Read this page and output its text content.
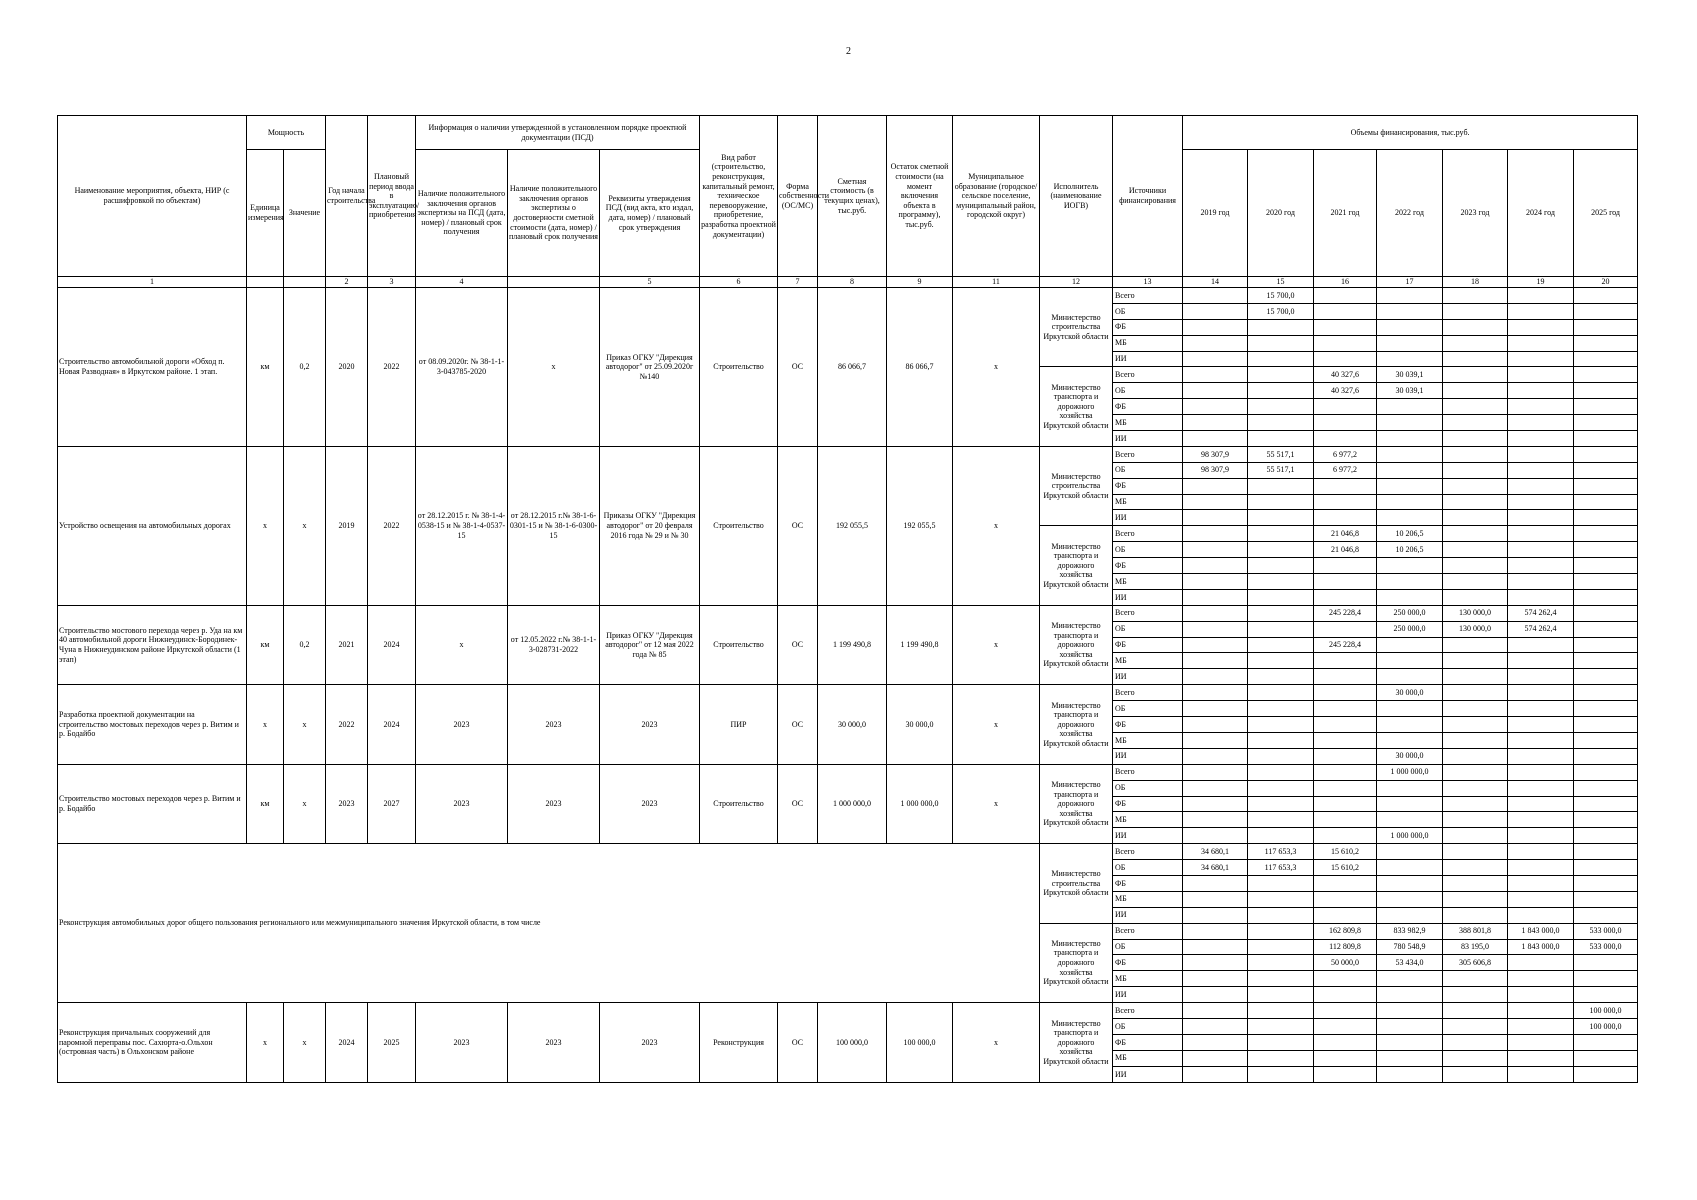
2
Наименование мероприятия, объекта, НИР (с расшифровкой по объектам)	Мощность		Год начала строительства	Плановый период ввода в эксплуатацию/приобретения	Информация о наличии утвержденной в установленном порядке проектной документации (ПСД)			Вид работ (строительство, реконструкция, капитальный ремонт, техническое перевооружение, приобретение, разработка проектной документации)	Форма собственности (ОС/МС)	Сметная стоимость (в текущих ценах), тыс.руб.	Остаток сметной стоимости (на момент включения объекта в программу), тыс.руб.	Муниципальное образование (городское/сельское поселение, муниципальный район, городской округ)	Исполнитель (наименование ИОГВ)	Источники финансирования	Объемы финансирования, тыс.руб.						
	Единица измерения	Значение			Наличие положительного заключения органов экспертизы на ПСД (дата, номер) / плановый срок получения	Наличие положительного заключения органов экспертизы о достоверности сметной стоимости (дата, номер) / плановый срок получения	Реквизиты утверждения ПСД (вид акта, кто издал, дата, номер) / плановый срок утверждения								2019 год	2020 год	2021 год	2022 год	2023 год	2024 год	2025 год
1			2	3	4		5	6	7	8	9	11	12	13	14	15	16	17	18	19	20
Строительство автомобильной дороги «Обход п. Новая Разводная» в Иркутском районе. 1 этап.	км	0,2	2020	2022	от 08.09.2020г. № 38-1-1-3-043785-2020	х	Приказ ОГКУ "Дирекция автодорог" от 25.09.2020г №140	Строительство	ОС	86 066,7	86 066,7	х	Министерство строительства Иркутской области	Всего		15 700,0					
														ОБ		15 700,0					
														ФБ							
														МБ							
														ИИ							
													Министерство транспорта и дорожного хозяйства Иркутской области	Всего			40 327,6	30 039,1			
														ОБ			40 327,6	30 039,1			
														ФБ							
														МБ							
														ИИ							
Устройство освещения на автомобильных дорогах	х	х	2019	2022	от 28.12.2015 г. № 38-1-4-0538-15 и № 38-1-4-0537-15	от 28.12.2015 г.№ 38-1-6-0301-15 и № 38-1-6-0300-15	Приказы ОГКУ "Дирекция автодорог" от 20 февраля 2016 года № 29 и № 30	Строительство	ОС	192 055,5	192 055,5	х	Министерство строительства Иркутской области	Всего	98 307,9	55 517,1	6 977,2				
														ОБ	98 307,9	55 517,1	6 977,2				
														ФБ							
														МБ							
														ИИ							
													Министерство транспорта и дорожного хозяйства Иркутской области	Всего			21 046,8	10 206,5			
														ОБ			21 046,8	10 206,5			
														ФБ							
														МБ							
														ИИ							
Строительство мостового перехода через р. Уда на км 40 автомобильной дороги Нижнеудинск-Бородинек-Чуна в Нижнеудинском районе Иркутской области (1 этап)	км	0,2	2021	2024	х	от 12.05.2022 г.№ 38-1-1-3-028731-2022	Приказ ОГКУ "Дирекция автодорог" от 12 мая 2022 года № 85	Строительство	ОС	1 199 490,8	1 199 490,8	х	Министерство транспорта и дорожного хозяйства Иркутской области	Всего			245 228,4	250 000,0	130 000,0	574 262,4	
														ОБ				250 000,0	130 000,0	574 262,4	
														ФБ			245 228,4				
														МБ							
														ИИ							
Разработка проектной документации на строительство мостовых переходов через р. Витим и р. Бодайбо	х	х	2022	2024	2023	2023	2023	ПИР	ОС	30 000,0	30 000,0	х	Министерство транспорта и дорожного хозяйства Иркутской области	Всего				30 000,0			
														ОБ							
														ФБ							
														МБ							
														ИИ				30 000,0			
Строительство мостовых переходов через р. Витим и р. Бодайбо	км	х	2023	2027	2023	2023	2023	Строительство	ОС	1 000 000,0	1 000 000,0	х	Министерство транспорта и дорожного хозяйства Иркутской области	Всего				1 000 000,0			
														ОБ							
														ФБ							
														МБ							
														ИИ				1 000 000,0			
Реконструкция автомобильных дорог общего пользования регионального или межмуниципального значения Иркутской области, в том числе													Министерство строительства Иркутской области	Всего	34 680,1	117 653,3	15 610,2				
														ОБ	34 680,1	117 653,3	15 610,2				
														ФБ							
														МБ							
														ИИ							
													Министерство транспорта и дорожного хозяйства Иркутской области	Всего			162 809,8	833 982,9	388 801,8	1 843 000,0	533 000,0
														ОБ			112 809,8	780 548,9	83 195,0	1 843 000,0	533 000,0
														ФБ			50 000,0	53 434,0	305 606,8		
														МБ							
														ИИ							
Реконструкция причальных сооружений для паромной переправы пос. Сахюрта-о.Ольхон (островная часть) в Ольхонском районе	х	х	2024	2025	2023	2023	2023	Реконструкция	ОС	100 000,0	100 000,0	х	Министерство транспорта и дорожного хозяйства Иркутской области	Всего							100 000,0
														ОБ							100 000,0
														ФБ							
														МБ							
														ИИ							
